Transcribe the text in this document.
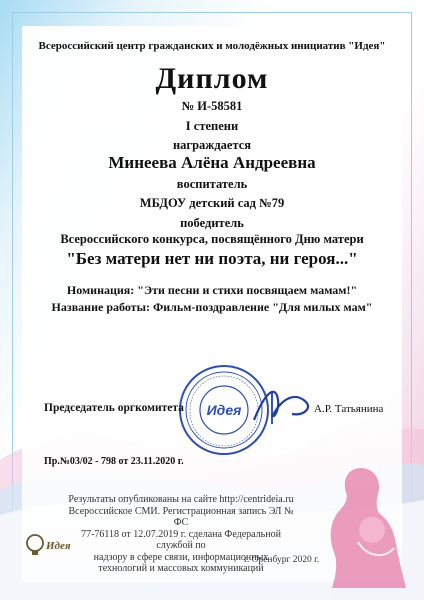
Всероссийский центр гражданских и молодёжных инициатив "Идея"
Диплом
№ И-58581
I степени
награждается
Минеева Алёна Андреевна
воспитатель
МБДОУ детский сад №79
победитель
Всероссийского конкурса, посвящённого Дню матери
"Без матери нет ни поэта, ни героя..."
Номинация: "Эти песни и стихи посвящаем мамам!"
Название работы: Фильм-поздравление "Для милых мам"
Идея
Председатель оргкомитета	А.Р. Татьянина
Пр.№03/02 - 798 от 23.11.2020 г.
Результаты опубликованы на сайте http://centrideia.ru
Всероссийское СМИ. Регистрационная запись ЭЛ № ФС
77-76118 от 12.07.2019 г. сделана Федеральной службой по
надзору в сфере связи, информационных
технологий и массовых коммуникаций
Идея
г. Оренбург 2020 г.
